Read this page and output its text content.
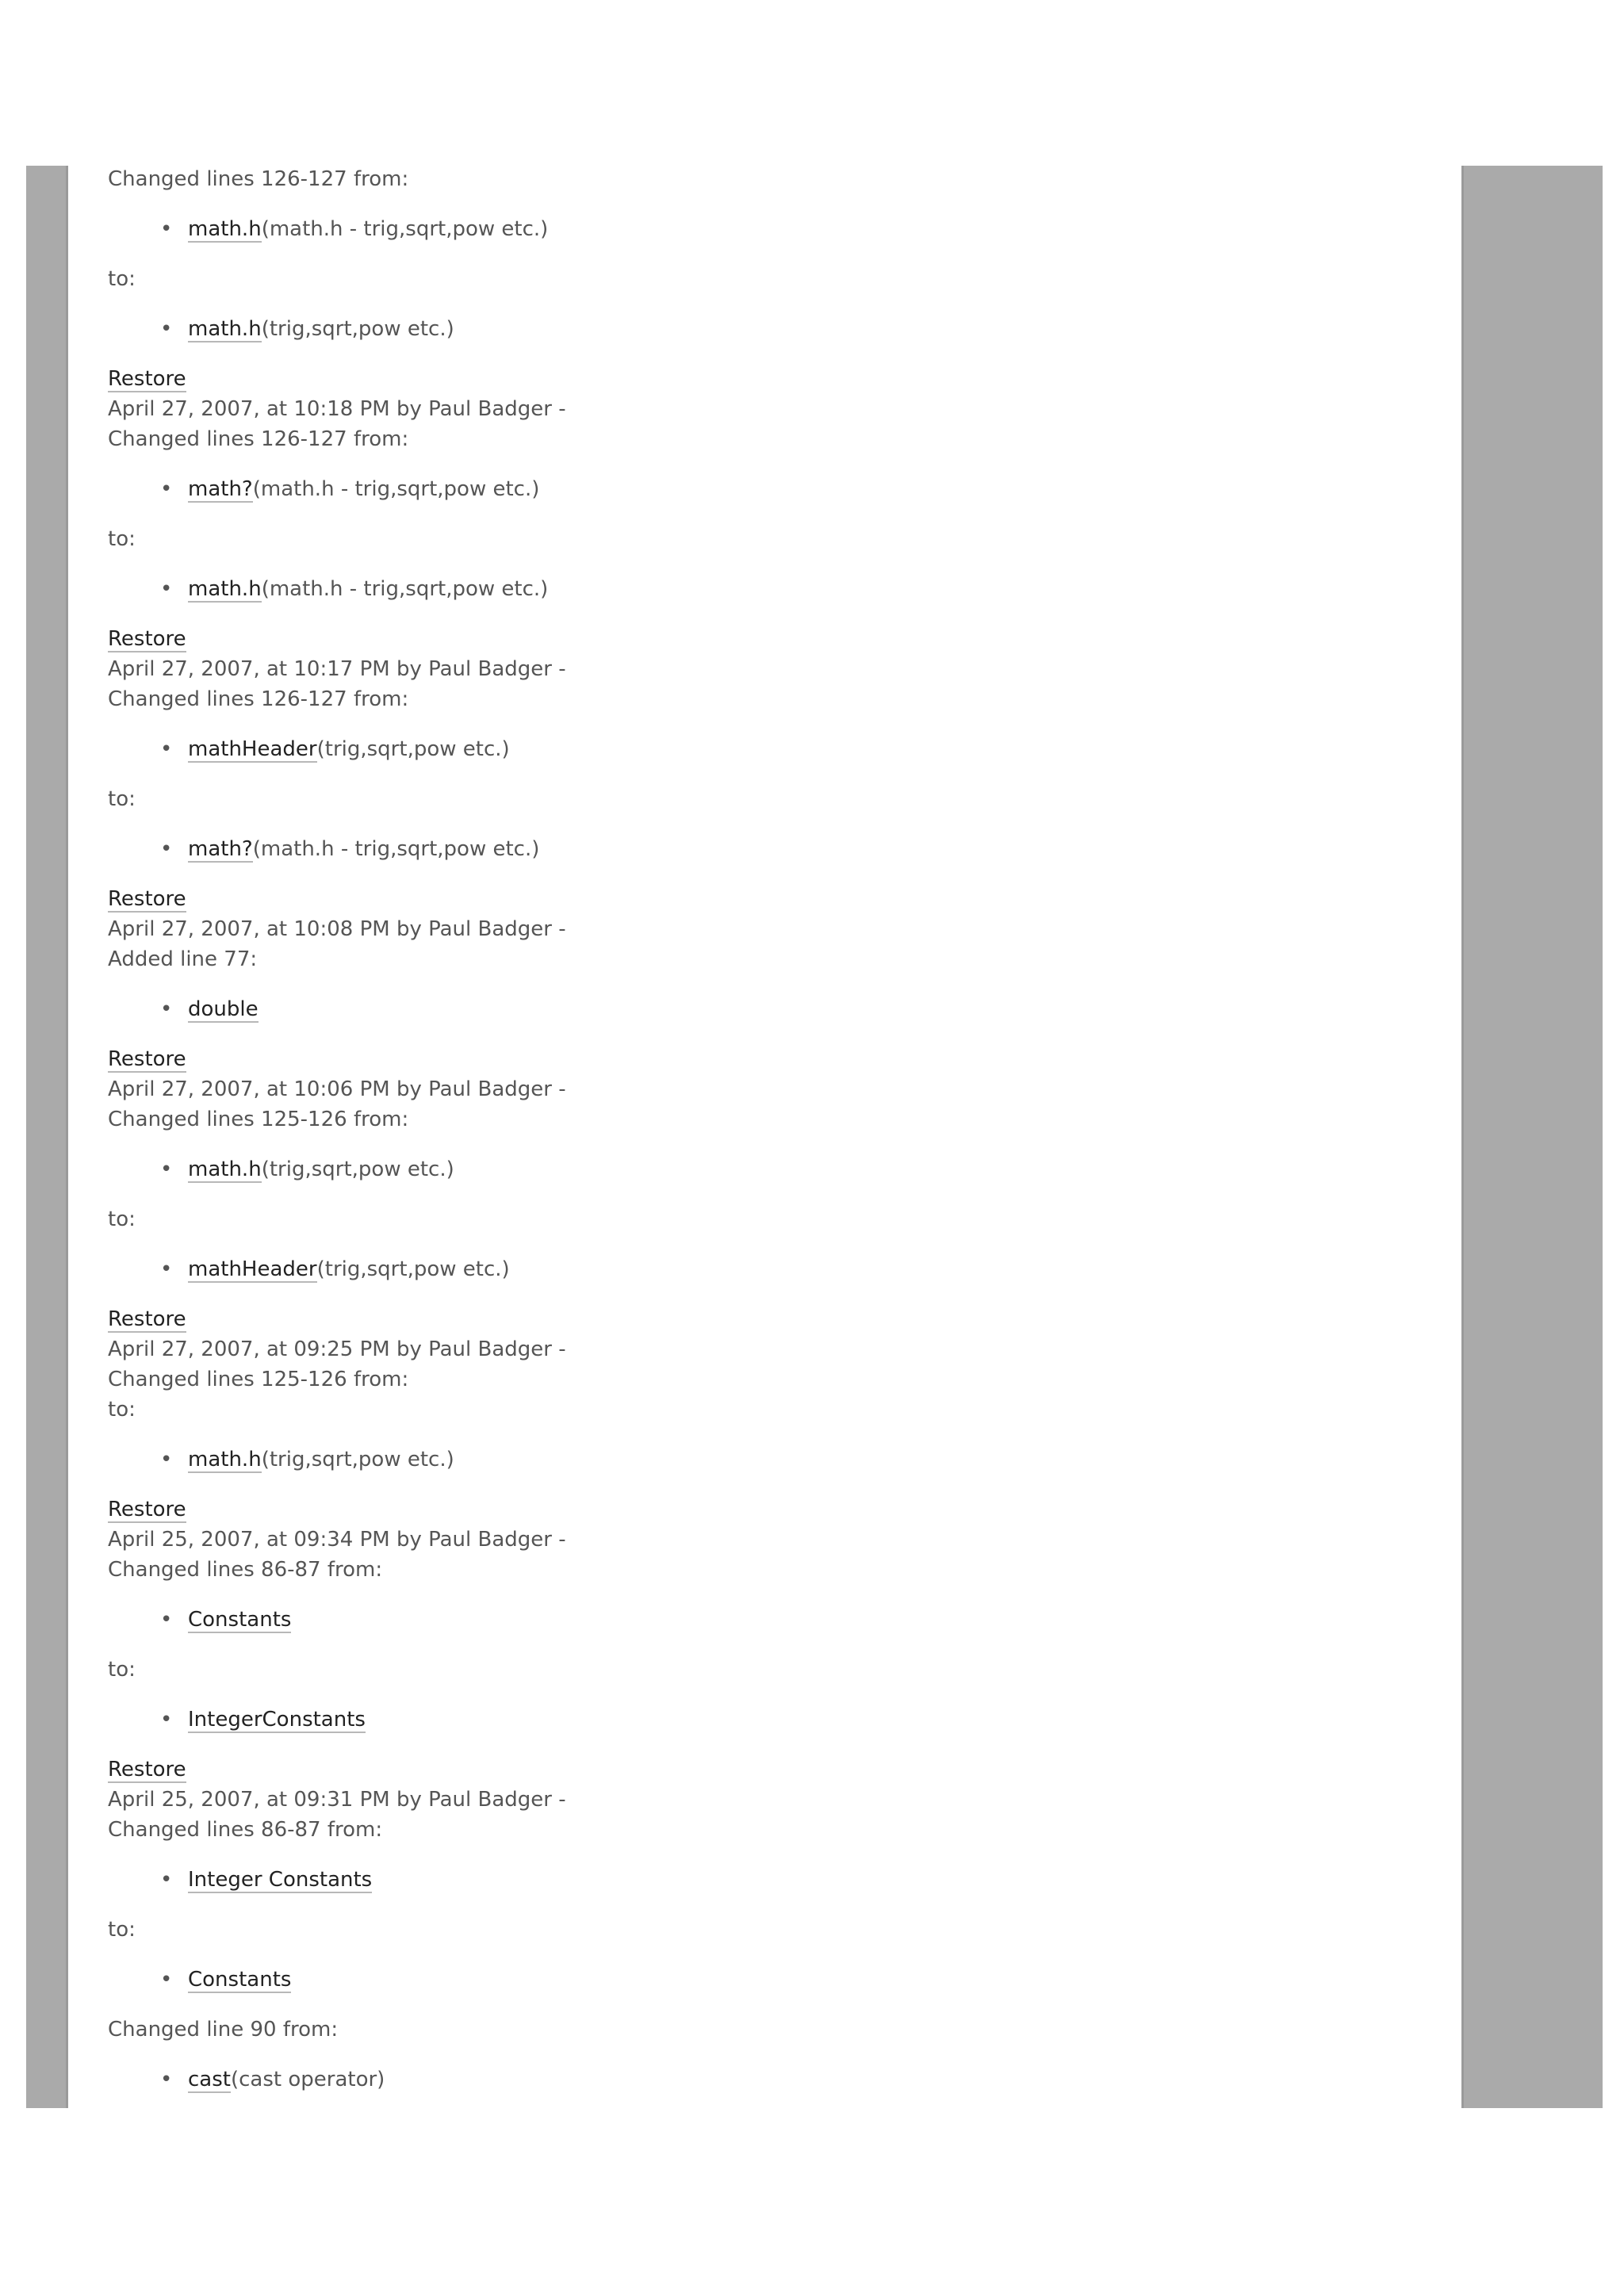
Changed lines 126-127 from:

• math.h(math.h - trig,sqrt,pow etc.)

to:

• math.h(trig,sqrt,pow etc.)

Restore

April 27, 2007, at 10:18 PM by Paul Badger -

Changed lines 126-127 from:

• math?(math.h - trig,sqrt,pow etc.)

to:

• math.h(math.h - trig,sqrt,pow etc.)

Restore

April 27, 2007, at 10:17 PM by Paul Badger -

Changed lines 126-127 from:

• mathHeader(trig,sqrt,pow etc.)

to:

• math?(math.h - trig,sqrt,pow etc.)

Restore

April 27, 2007, at 10:08 PM by Paul Badger -

Added line 77:

• double

Restore

April 27, 2007, at 10:06 PM by Paul Badger -

Changed lines 125-126 from:

• math.h(trig,sqrt,pow etc.)

to:

• mathHeader(trig,sqrt,pow etc.)

Restore

April 27, 2007, at 09:25 PM by Paul Badger -

Changed lines 125-126 from:

to:

• math.h(trig,sqrt,pow etc.)

Restore

April 25, 2007, at 09:34 PM by Paul Badger -

Changed lines 86-87 from:

• Constants

to:

• IntegerConstants

Restore

April 25, 2007, at 09:31 PM by Paul Badger -

Changed lines 86-87 from:

• Integer Constants

to:

• Constants

Changed line 90 from:

• cast(cast operator)
